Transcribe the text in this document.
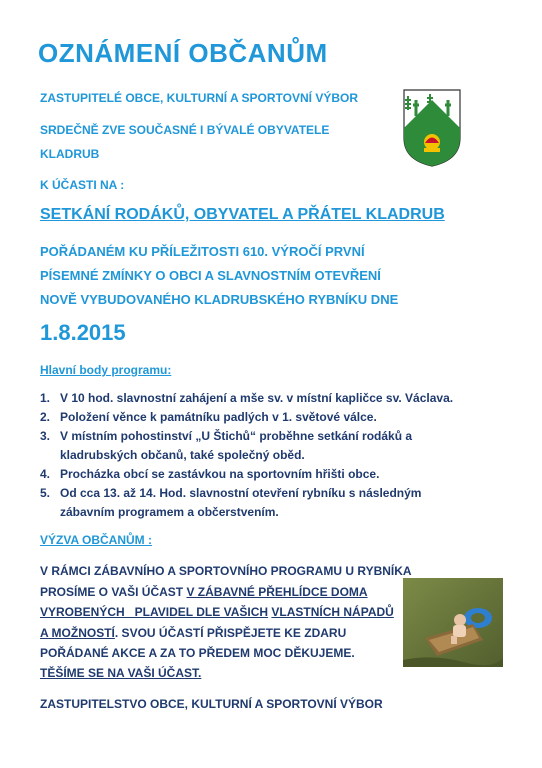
OZNÁMENÍ OBČANŮM
ZASTUPITELÉ OBCE, KULTURNÍ A SPORTOVNÍ VÝBOR
SRDEČNĚ ZVE SOUČASNÉ I BÝVALÉ OBYVATELE
KLADRUB
K ÚČASTI NA :
SETKÁNÍ RODÁKŮ, OBYVATEL A PŘÁTEL KLADRUB
POŘÁDANÉM KU PŘÍLEŽITOSTI 610. VÝROČÍ PRVNÍ
PÍSEMNÉ ZMÍNKY O OBCI A SLAVNOSTNÍM OTEVŘENÍ
NOVĚ VYBUDOVANÉHO KLADRUBSKÉHO RYBNÍKU DNE
1.8.2015
Hlavní body programu:
1. V 10 hod. slavnostní zahájení a mše sv. v místní kapličce sv. Václava.
2. Položení věnce k památníku padlých v 1. světové válce.
3. V místním pohostinství „U Štichů“ proběhne setkání rodáků a
kladrubských občanů, také společný oběd.
4. Procházka obcí se zastávkou na sportovním hřišti obce.
5. Od cca 13. až 14. Hod. slavnostní otevření rybníku s následným
zábavním programem a občerstvením.
VÝZVA OBČANŮM :
V RÁMCI ZÁBAVNÍHO A SPORTOVNÍHO PROGRAMU U RYBNÍKA
PROSÍME O VAŠI ÚČAST V ZÁBAVNÉ PŘEHLÍDCE DOMA
VYROBENÝCH   PLAVIDEL DLE VAŠICH VLASTNÍCH NÁPADŮ
A MOŽNOSTÍ. SVOU ÚČASTÍ PŘISPĚJETE KE ZDARU
POŘÁDANÉ AKCE A ZA TO PŘEDEM MOC DĚKUJEME.
TĚŠÍME SE NA VAŠI ÚČAST.
ZASTUPITELSTVO OBCE, KULTURNÍ A SPORTOVNÍ VÝBOR
